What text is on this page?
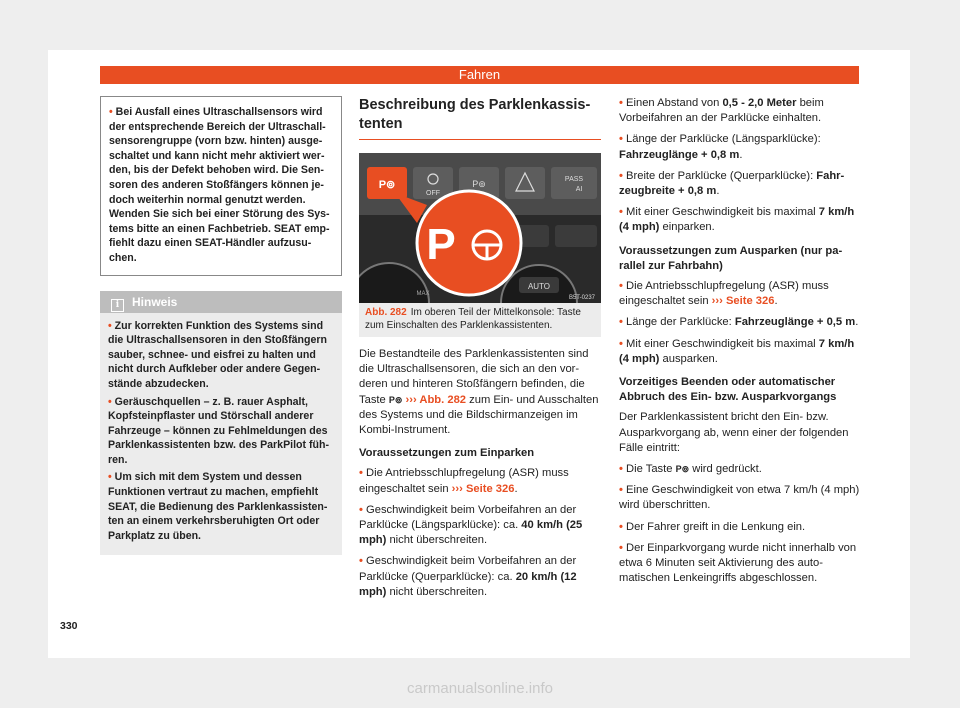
Fahren
• Bei Ausfall eines Ultraschallsensors wird der entsprechende Bereich der Ultraschallsensorengruppe (vorn bzw. hinten) ausgeschaltet und kann nicht mehr aktiviert werden, bis der Defekt behoben wird. Die Sensoren des anderen Stoßfängers können jedoch weiterhin normal genutzt werden. Wenden Sie sich bei einer Störung des Systems bitte an einen Fachbetrieb. SEAT empfiehlt dazu einen SEAT-Händler aufzusuchen.
i Hinweis

• Zur korrekten Funktion des Systems sind die Ultraschallsensoren in den Stoßfängern sauber, schnee- und eisfrei zu halten und nicht durch Aufkleber oder andere Gegenstände abzudecken.

• Geräuschquellen – z. B. rauer Asphalt, Kopfsteinpflaster und Störschall anderer Fahrzeuge – können zu Fehlmeldungen des Parklenkassistenten bzw. des ParkPilot führen.

• Um sich mit dem System und dessen Funktionen vertraut zu machen, empfiehlt SEAT, die Bedienung des Parklenkassistenten an einem verkehrsberuhigten Ort oder Parkplatz zu üben.

Beschreibung des Parklenkassistenten
P⊚
OFF
P⊚	PASS
AI
AUTO
MAX
P
B5T-0237
Abb. 282 Im oberen Teil der Mittelkonsole: Taste zum Einschalten des Parklenkassistenten.

Die Bestandteile des Parklenkassistenten sind die Ultraschallsensoren, die sich an den vorderen und hinteren Stoßfängern befinden, die Taste P⊚ ››› Abb. 282 zum Ein- und Ausschalten des Systems und die Bildschirmanzeigen im Kombi-Instrument.

Voraussetzungen zum Einparken

• Die Antriebsschlupfregelung (ASR) muss eingeschaltet sein ››› Seite 326.

• Geschwindigkeit beim Vorbeifahren an der Parklücke (Längsparklücke): ca. 40 km/h (25 mph) nicht überschreiten.

• Geschwindigkeit beim Vorbeifahren an der Parklücke (Querparklücke): ca. 20 km/h (12 mph) nicht überschreiten.

• Einen Abstand von 0,5 - 2,0 Meter beim Vorbeifahren an der Parklücke einhalten.

• Länge der Parklücke (Längsparklücke): Fahrzeuglänge + 0,8 m.

• Breite der Parklücke (Querparklücke): Fahrzeugbreite + 0,8 m.

• Mit einer Geschwindigkeit bis maximal 7 km/h (4 mph) einparken.

Voraussetzungen zum Ausparken (nur parallel zur Fahrbahn)

• Die Antriebsschlupfregelung (ASR) muss eingeschaltet sein ››› Seite 326.

• Länge der Parklücke: Fahrzeuglänge + 0,5 m.

• Mit einer Geschwindigkeit bis maximal 7 km/h (4 mph) ausparken.

Vorzeitiges Beenden oder automatischer Abbruch des Ein- bzw. Ausparkvorgangs

Der Parklenkassistent bricht den Ein- bzw. Ausparkvorgang ab, wenn einer der folgenden Fälle eintritt:

• Die Taste P⊚ wird gedrückt.

• Eine Geschwindigkeit von etwa 7 km/h (4 mph) wird überschritten.

• Der Fahrer greift in die Lenkung ein.

• Der Einparkvorgang wurde nicht innerhalb von etwa 6 Minuten seit Aktivierung des automatischen Lenkeingriffs abgeschlossen.

330
carmanualsonline.info
